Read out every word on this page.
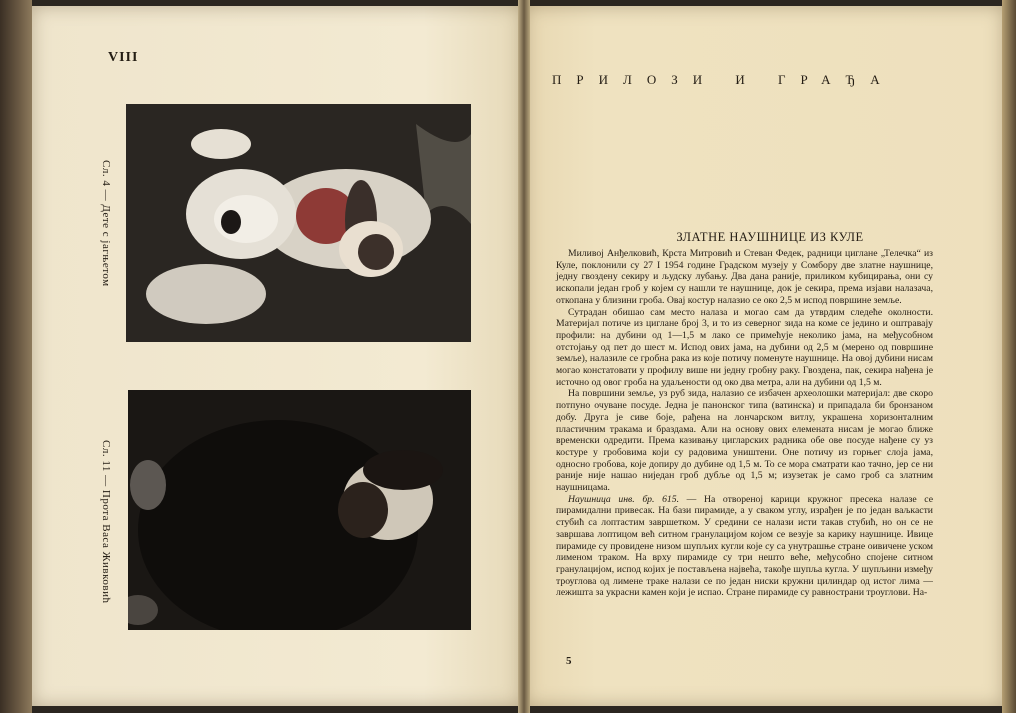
VIII
Сл. 4 — Дете с јагњетом
Сл. 11 — Прота Васа Живковић
ПРИЛОЗИ И ГРАЂА
ЗЛАТНЕ НАУШНИЦЕ ИЗ КУЛЕ

Миливој Анђелковић, Крста Митровић и Стеван Федек, радници циглане „Телечка“ из Куле, поклонили су 27 I 1954 године Градском музеју у Сомбору две златне наушнице, једну гвоздену секиру и људску лубању. Два дана раније, приликом кубицирања, они су ископали један гроб у којем су нашли те наушнице, док је секира, према изјави налазача, откопана у близини гроба. Овај костур налазио се око 2,5 м испод површине земље.

Сутрадан обишао сам место налаза и могао сам да утврдим следеће околности. Материјал потиче из циглане број 3, и то из северног зида на коме се једино и оштравају профили: на дубини од 1—1,5 м лако се примећује неколико јама, на међусобном отстојању од пет до шест м. Испод ових јама, на дубини од 2,5 м (мерено од површине земље), налазиле се гробна рака из које потичу поменуте наушнице. На овој дубини нисам могао констатовати у профилу више ни једну гробну раку. Гвоздена, пак, секира нађена је источно од овог гроба на удаљености од око два метра, али на дубини од 1,5 м.

На површини земље, уз руб зида, налазио се избачен археолошки материјал: две скоро потпуно очуване посуде. Једна је панонског типа (ватинска) и припадала би бронзаном добу. Друга је сиве боје, рађена на лончарском витлу, украшена хоризонталним пластичним тракама и браздама. Али на основу ових елемената нисам је могао ближе временски одредити. Према казивању цигларских радника обе ове посуде нађене су уз костуре у гробовима који су радовима уништени. Оне потичу из горњег слоја јама, односно гробова, које допиру до дубине од 1,5 м. То се мора сматрати као тачно, јер се ни раније није нашао ниједан гроб дубље од 1,5 м; изузетак је само гроб са златним наушницама.

Наушница инв. бр. 615. — На отвореној карици кружног пресека налазе се пирамидални привесак. На бази пирамиде, а у сваком углу, израђен је по један ваљкасти стубић са лоптастим завршетком. У средини се налази исти такав стубић, но он се не завршава лоптицом већ ситном гранулацијом којом се везује за карику наушнице. Ивице пирамиде су провидене низом шупљих кугли које су са унутрашње стране оивичене уском лименом траком. На врху пирамиде су три нешто веће, међусобно спојене ситном гранулацијом, испод којих је постављена највећа, такође шупља кугла. У шупљини између троуглова од лимене траке налази се по један ниски кружни цилиндар од истог лима — лежишта за украсни камен који је испао. Стране пирамиде су равнострани троуглови. На-

5
